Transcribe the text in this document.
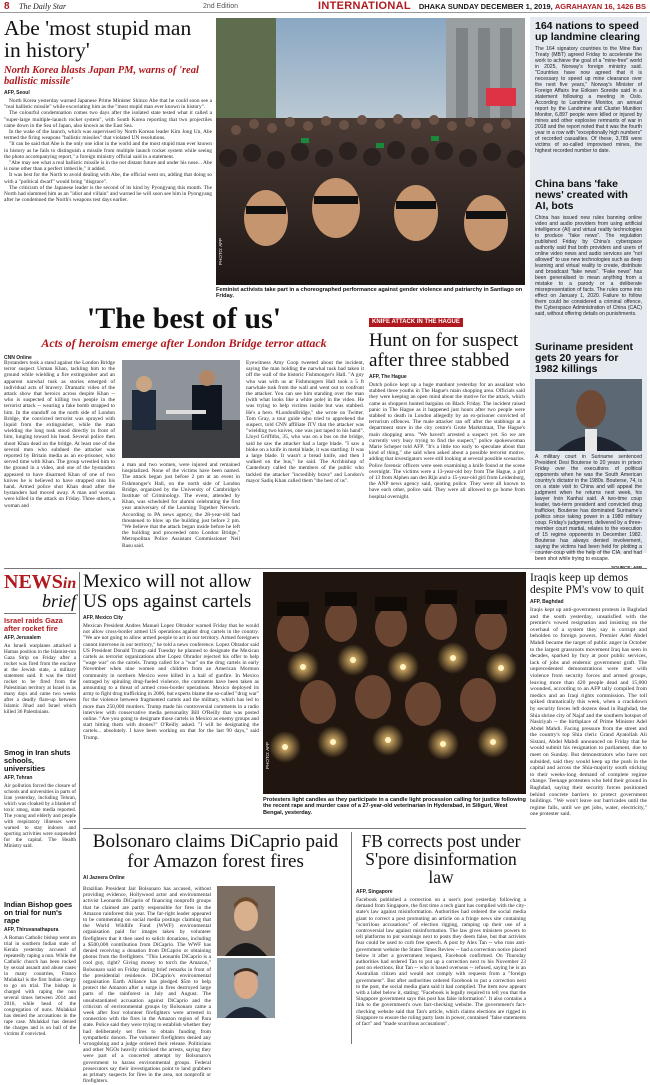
8 The Daily Star	2nd Edition	INTERNATIONAL DHAKA SUNDAY DECEMBER 1, 2019, AGRAHAYAN 16, 1426 BS
Abe 'most stupid man in history'
North Korea blasts Japan PM, warns of 'real ballistic missile'
AFP, Seoul

North Korea yesterday warned Japanese Prime Minister Shinzo Abe that he could soon see a "real ballistic missile" while excoriating him as the "most stupid man ever known in history".

The colourful condemnation comes two days after the isolated state tested what it called a "super-large multiple-launch rocket system", with South Korea reporting that two projectiles came down in the Sea of Japan, also known as the East Sea.

In the wake of the launch, which was supervised by North Korean leader Kim Jong Un, Abe termed the firing weapons "ballistic missiles" that violated UN resolutions.

"It can be said that Abe is the only one idiot in the world and the most stupid man ever known in history as he fails to distinguish a missile from multiple launch rocket system while seeing the photo accompanying report," a foreign ministry official said in a statement.

"Abe may see what a real ballistic missile is in the not distant future and under his nose... Abe is none other than a perfect imbecile," it added.

It was best for the North to avoid dealing with Abe, the official went on, adding that doing so with a "political dwarf" would bring "disgrace".

The criticism of the Japanese leader is the second of its kind by Pyongyang this month. The North had slammed him as an "idiot and villain" and warned he will soon see him in Pyongyang after he condemned the North's weapons test days earlier.

PHOTO: AFP
Feminist activists take part in a choreographed performance against gender violence and patriarchy in Santiago on Friday.
164 nations to speed up landmine clearing
The 164 signatory countries to the Mine Ban Treaty (MBT) agreed Friday to accelerate the work to achieve the goal of a "mine-free" world in 2025, Norway's foreign ministry said. "Countries have now agreed that it is necessary to speed up mine clearance over the next five years," Norway's Minister of Foreign Affairs Ine Eriksen Soreide said in a statement following a meeting in Oslo. According to Landmine Monitor, an annual report by the Landmine and Cluster Munition Monitor, 6,897 people were killed or injured by mines and other explosive remnants of war in 2018 and the report noted that it was the fourth year in a row with "exceptionally high numbers" of recorded casualties. Of these, 3,789 were victims of so-called improvised mines, the highest recorded number to date.
China bans 'fake news' created with AI, bots
China has issued new rules banning online video and audio providers from using artificial intelligence (AI) and virtual reality technologies to produce "fake news". The regulation published Friday by China's cyberspace authority said that both providers and users of online video news and audio services are "not allowed" to use new technologies such as deep learning and virtual reality to create, distribute and broadcast "fake news". "Fake news" has been generalised to mean anything from a mistake to a parody or a deliberate misrepresentation of facts. The rules come into effect on January 1, 2020. Failure to follow them could be considered a criminal offence, the Cyberspace Administration of China (CAC) said, without offering details on punishments.
Suriname president gets 20 years for 1982 killings
A military court in Suriname sentenced President Desi Bouterse to 20 years in prison Friday over the executions of political opponents when he was the South American country's dictator in the 1980s. Bouterse, 74, is on a state visit to China and will appeal the judgment when he returns next week, his lawyer Irvin Kanhai said. A two-time coup leader, two-term president and convicted drug trafficker, Bouterse has dominated Suriname's politics since taking power in a 1980 military coup. Friday's judgement, delivered by a three-member court martial, relates to the execution of 15 regime opponents in December 1982. Bouterse has always denied involvement, saying the victims had been held for plotting a counter-coup with the help of the CIA, and had been shot while trying to escape.
'The best of us'
Acts of heroism emerge after London Bridge terror attack
CNN Online
Bystanders took a stand against the London Bridge terror suspect Usman Khan, tackling him to the ground while wielding a fire extinguisher and an apparent narwhal tusk as stories emerged of individual acts of bravery. Dramatic video of the attack show that heroics across despite Khan -- who is suspected of killing two people in the terrorist attack -- wearing a fake bomb strapped to him. In the standoff on the north side of London Bridge, the convicted terrorist was sprayed with liquid from the extinguisher, while the man wielding the long tusk stood directly in front of him, lunging toward his head. Several police then shoot Khan dead on the bridge. At least one of the several men who subdued the attacker was reported by Britain media as an ex-prisoner, who served time with Khan. The group wrestled him to the ground in a video, and one of the bystanders appeared to have disarmed Khan of one of two knives he is believed to have strapped onto his hand. Armed police shot Khan dead after the bystanders had moved away. A man and woman were killed in the attack on Friday. Three others, a woman and
a man and two women, were injured and remained hospitalized. None of the victims have been named. The attack began just before 2 pm at an event in Fishmonger's Hall, on the north side of London Bridge, organized by the University of Cambridge's Institute of Criminology. The event, attended by Khan, was scheduled for alumni celebrating the first year anniversary of the Learning Together Network. According to PA news agency, the 28-year-old had threatened to blow up the building just before 2 pm. "We believe that the attack began inside before he left the building and proceeded onto London Bridge," Metropolitan Police Assistant Commissioner Neil Basu said.
Eyewitness Amy Coop tweeted about the incident, saying the man holding the narwhal tusk had taken it off the wall of the historic Fishmonger's Hall. "A guy who was with us at Fishmongers Hall took a 5 ft narwhale tusk from the wall and went out to confront the attacker. You can see him standing over the man (with what looks like a white pole) in the video. He was trying to help victims inside but was stabbed. He's a hero. #LondonBridge," she wrote on Twitter. Tom Gray, a tour guide who tried to apprehend the suspect, told CNN affiliate ITV that the attacker was "wielding two knives, one was just taped to his hand". Lloyd Griffiths, 35, who was on a bus on the bridge, said he saw the attacker had a large blade. "I saw a bloke on a knife in metal blade, it was startling. It was a large blade. It wasn't a bread knife, and then I walked on the bus," he said. The Archbishop of Canterbury called the members of the public who tackled the attacker "incredibly brave" and London's mayor Sadiq Khan called them "the best of us".
KNIFE ATTACK IN THE HAGUE
Hunt on for suspect after three stabbed
AFP, The Hague
Dutch police kept up a huge manhunt yesterday for an assailant who stabbed three youths in The Hague's main shopping area. Officials said they were keeping an open mind about the motive for the attack, which came as shoppers hunted bargains on Black Friday. The incident raised panic in The Hague as it happened just hours after two people were stabbed to death in London allegedly by an ex-prisoner convicted of terrorism offences. The male attacker ran off after the stabbings at a department store in the city centre's Grote Marktstraat, The Hague's main shopping area. "We haven't arrested a suspect yet. So we are currently very busy trying to find the suspect," police spokeswoman Marie Scheper told AFP. "It's a little too early to speculate about that kind of thing," she said when asked about a possible terrorist motive, adding that investigators were still looking at several possible scenarios. Police forensic officers were seen examining a knife found at the scene overnight. The victims were a 13-year-old boy from The Hague, a girl of 13 from Alphen aan den Rijn and a 15-year-old girl from Leidenburg, the ANP news agency said, quoting police. They were all known to have each other, police said. They were all allowed to go home from hospital overnight.
NEWSin
brief
Israel raids Gaza after rocket fire
AFP, Jerusalem
An Israeli warplanes attacked a Hamas position in the Islamist-run Gaza Strip on Friday after a rocket was fired from the enclave at the Jewish state, a military statement said. It was the third rocket to be fired from the Palestinian territory at Israel in as many days and came two weeks after a deadly flare-up between Islamic Jihad and Israel which killed 36 Palestinians.
Smog in Iran shuts schools, universities
AFP, Tehran
Air pollution forced the closure of schools and universities in parts of Iran yesterday, including Tehran, which was cloaked by a blanket of toxic smog, state media reported. The young and elderly and people with respiratory illnesses were warned to stay indoors and sporting activities were suspended for the capital. The Health Ministry said.
Indian Bishop goes on trial for nun's rape
AFP, Thiruvanathapura
A Roman Catholic bishop went on trial in southern Indian state of Kerala yesterday accused of repeatedly raping a nun. While the Catholic church has been rocked by sexual assault and abuse cases in many countries, Franco Mulakkal is the first Indian clergy to go on trial. The bishop is charged with raping the nun several times between 2014 and 2016, while head of the congregation of nuns. Mulakkal has denied the accusations in the rape case. Mulakkal has denied the charges and is on bail of the victims if convicted.
Mexico will not allow US ops against cartels
AFP, Mexico City
Mexican President Andres Manuel Lopez Obrador warned Friday that he would not allow cross-border armed US operations against drug cartels in the country. "We are not going to allow armed people to act in our territory. Armed foreigners cannot intervene in our territory," he told a news conference. Lopez Obrador said US President Donald Trump said Tuesday he planned to designate the Mexican cartels as terrorist organizations after Lopez Obrador rejected his offer to help "wage war" on the cartels. Trump called for a "war" on the drug cartels in early November when nine women and children from an American Mormon community in northern Mexico were killed in a hail of gunfire. In Mexico outraged by spiraling drug-fueled violence, the comments have been taken as amounting to a threat of armed cross-border operations. Mexico deployed its army to fight drug trafficking in 2006, but experts blame the so-called "drug war" for the violence between fragmented cartels and the military, which has led to more than 250,000 murders. Trump made his controversial comments in a radio interview with conservative media personality Bill O'Reilly that was posted online. "Are you going to designate those cartels in Mexico as enemy groups and start hitting them with drones?" O'Reilly asked. "I will be designating the cartels... absolutely. I have been working on that for the last 90 days," said Trump.
PHOTO: AFP
Protesters light candles as they participate in a candle light procession calling for justice following the recent rape and murder case of a 27-year-old veterinarian in Hyderabad, in Siliguri, West Bengal, yesterday.
Iraqis keep up demos despite PM's vow to quit
AFP, Baghdad
Iraqis kept up anti-government protests in Baghdad and the south yesterday, unsatisfied with the premier's vowed resignation and insisting on the overhaul of a system they say is corrupt and beholden to foreign powers. Premier Adel Abdel Mahdi became the target of public anger in October to the largest grassroots movement Iraq has seen in decades, sparked by fury at poor public services, lack of jobs and endemic government graft. The unprecedented demonstrations were met with violence from security forces and armed groups, leaving more than 420 people dead and 15,000 wounded, according to an AFP tally compiled from medics and an Iraqi rights commission. The toll spiked dramatically this week, when a crackdown by security forces left dozens dead in Baghdad, the Shia shrine city of Najaf and the southern hotspot of Nasiriyah -- the birthplace of Prime Minister Adel Abdel Mahdi. Facing pressure from the street and the country's top Shia cleric Grand Ayatollah Ali Sistani, Abdel Mahdi announced on Friday that he would submit his resignation to parliament, due to meet on Sunday. But demonstrators who have not subsided, said they would keep up the push in the capital and across the Shia-majority south sticking to their weeks-long demand of complete regime change. Teenage protesters who held their ground in Baghdad, saying their security forces positioned behind concrete barriers to protect government buildings. "We won't leave our barricades until the regime falls, until we get jobs, water, electricity," one protester said.
Bolsonaro claims DiCaprio paid for Amazon forest fires
AI Jazeera Online
Brazilian President Jair Bolsonaro has accused, without providing evidence, Hollywood actor and environmental activist Leonardo DiCaprio of financing nonprofit groups that he claimed are partly responsible for fires in the Amazon rainforest this year. The far-right leader appeared to be commenting on social media postings claiming that the World Wildlife Fund (WWF) environmental organisation paid for images taken by volunteer firefighters that it then used to solicit donations, including a $500,000 contribution from DiCaprio. The WWF has denied receiving a donation from DiCaprio or obtaining photos from the firefighters. "This Leonardo DiCaprio is a cool guy, right? Giving money to torch the Amazon," Bolsonaro said on Friday during brief remarks in front of the presidential residence. DiCaprio's environmental organisation Earth Alliance has pledged $5m to help protect the Amazon after a surge in fires destroyed large parts of the rainforest in July and August. The unsubstantiated accusation against DiCaprio and the criticism of environmental groups by Bolsonaro came a week after four volunteer firefighters were arrested in connection with the fires in the Amazon region of Para state. Police said they were trying to establish whether they had deliberately set fires to obtain funding from sympathetic donors. The volunteer firefighters denied any wrongdoing and a judge ordered their release. Politicians and other NGOs heavily criticised the arrests, saying they were part of a concerted attempt by Bolsonaro's government to harass environmental groups. Federal prosecutors say their investigations point to land grabbers as primary suspects for fires in the area, not nonprofit or firefighters.
FB corrects post under S'pore disinformation law
AFP, Singapore
Facebook published a correction on a user's post yesterday following a demand from Singapore, the first time a tech giant has complied with the city-state's law against misinformation. Authorities had ordered the social media giant to correct a post promoting an article on a fringe news site containing "scurrilous accusations" of election rigging, ramping up their use of a controversial law against misinformation. The law gives ministers powers to tell platforms to put warnings next to posts they deem false, but that activists fear could be used to curb free speech. A post by Alex Tan -- who runs anti-government website the States Times Review -- had a correction notice placed below it after a government request, Facebook confirmed. On Thursday authorities had ordered Tan to put up a correction next to his November 23 post on elections. But Tan -- who is based overseas -- refused, saying he is an Australian citizen and would not comply with requests from a "foreign government". But after authorities ordered Facebook to put a correction next to the post, the social media giant said it had complied. The item now appears with a label below it, stating: "Facebook is legally required to tell you that the Singapore government says this post has false information". It also contains a link to the government's own fact-checking website. The government's fact-checking website said that Tan's article, which claims elections are rigged in Singapore to ensure the ruling party lasts in power, contained "false statements of fact" and "made scurrilous accusations".
